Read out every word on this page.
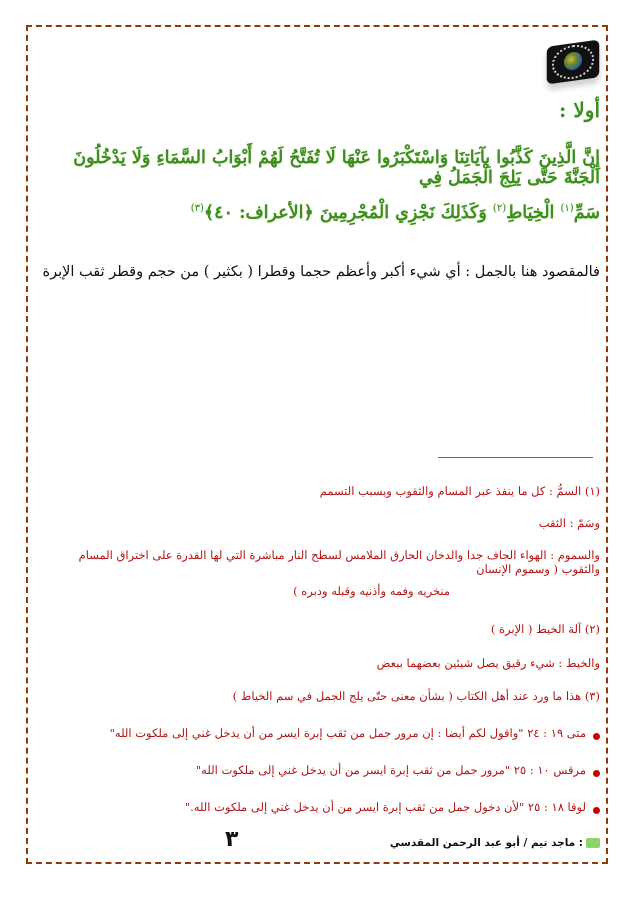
أولا :
إِنَّ الَّذِينَ كَذَّبُوا بِآيَاتِنَا وَاسْتَكْبَرُوا عَنْهَا لَا تُفَتَّحُ لَهُمْ أَبْوَابُ السَّمَاءِ وَلَا يَدْخُلُونَ الْجَنَّةَ حَتَّى يَلِجَ الْجَمَلُ فِي
سَمِّ$^{(١)}$ الْخِيَاطِ$^{(٢)}$ وَكَذَلِكَ نَجْزِي الْمُجْرِمِينَ ﴿الأعراف: ٤٠﴾$^{(٣)}$
فالمقصود هنا بالجمل : أي شيء أكبر وأعظم حجما وقطرا ( بكثير ) من حجم وقطر ثقب الإبرة
(١) السمُّ : كل ما ينفذ عبر المسام والثقوب ويسبب التسمم
وسَمّ : الثقب
والسموم : الهواء الجاف جدا والدخان الحارق الملامس لسطح النار مباشرة التي لها القدرة على اختراق المسام والثقوب ( وسموم الإنسان
منخريه وفمه وأذنيه وقبله ودبره )
(٢) آلة الخيط ( الإبرة )
والخيط : شيء رقيق يصل شيئين بعضهما ببعض
(٣) هذا ما ورد عند أهل الكتاب ( بشأن معنى حتّى يلج الجمل في سم الخياط )
متى ١٩ : ٢٤ "واقول لكم أيضا : إن مرور جمل من ثقب إبرة ايسر من أن يدخل غني إلى ملكوت الله"
مرقس ١٠ : ٢٥ "مرور جمل من ثقب إبرة ايسر من أن يدخل غني إلى ملكوت الله"
لوقا ١٨ : ٢٥ "لأن دخول جمل من ثقب إبرة ايسر من أن يدخل غني إلى ملكوت الله."
٣	: ماجد تيم / أبو عبد الرحمن المقدسي
